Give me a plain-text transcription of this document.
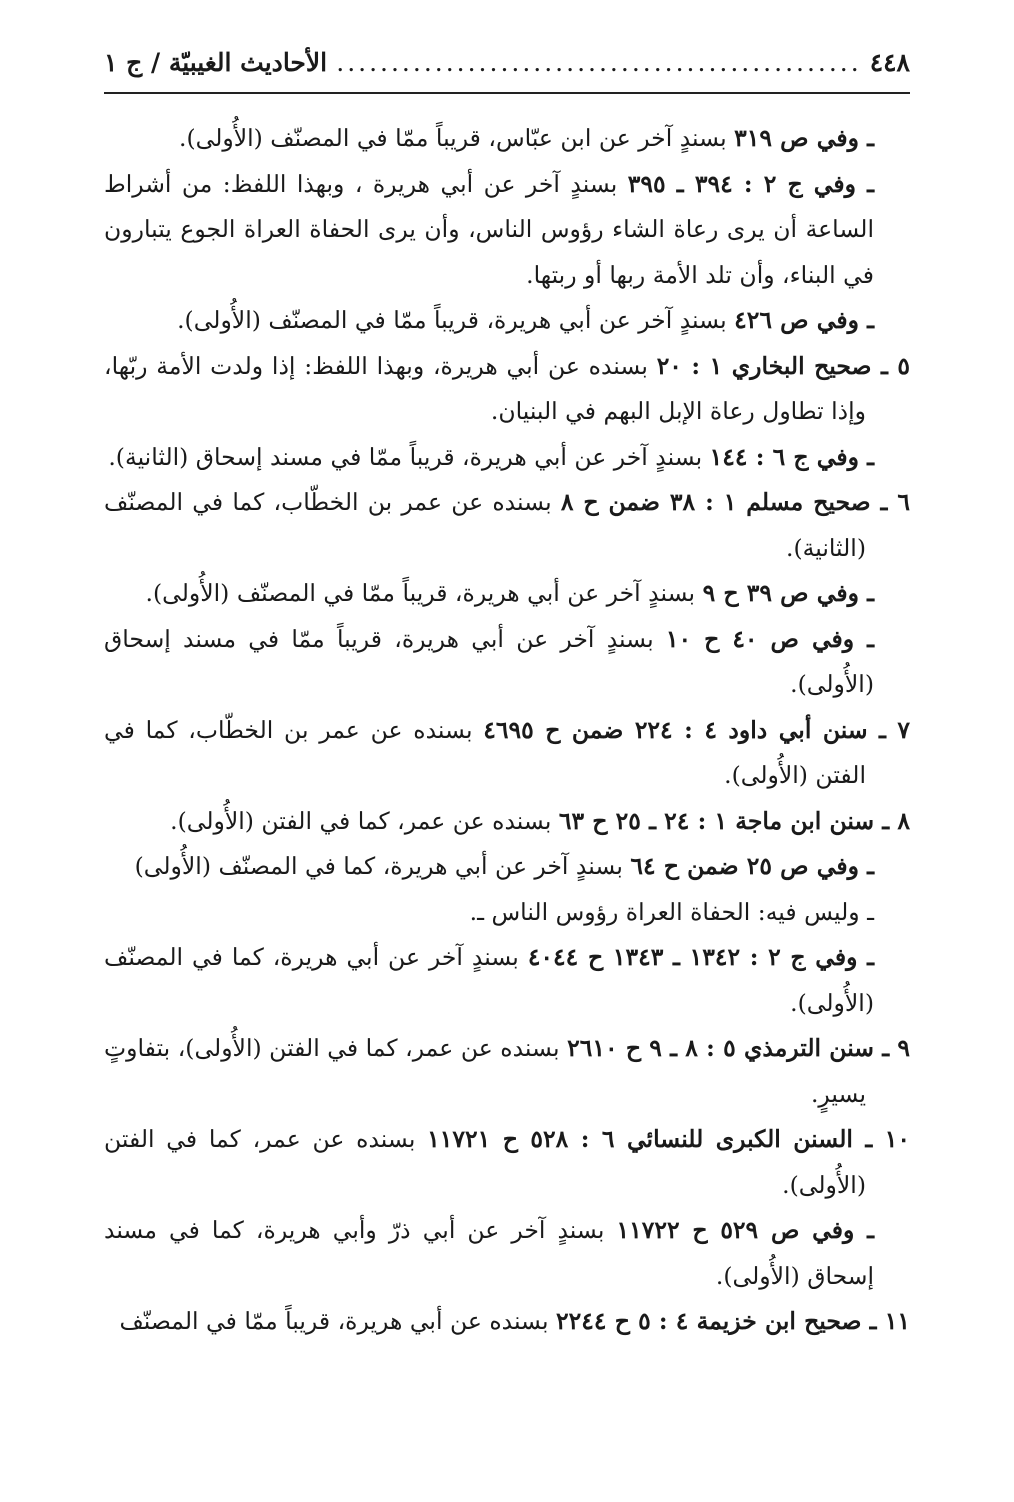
٤٤٨
.....
الأحاديث الغيبيّة / ج ١

ـ وفي ص ٣١٩ بسندٍ آخر عن ابن عبّاس، قريباً ممّا في المصنّف (الأُولى).

ـ وفي ج ٢ : ٣٩٤ ـ ٣٩٥ بسندٍ آخر عن أبي هريرة ، وبهذا اللفظ: من أشراط الساعة أن يرى رعاة الشاء رؤوس الناس، وأن يرى الحفاة العراة الجوع يتبارون في البناء، وأن تلد الأمة ربها أو ربتها.

ـ وفي ص ٤٢٦ بسندٍ آخر عن أبي هريرة، قريباً ممّا في المصنّف (الأُولى).

٥ ـ صحيح البخاري ١ : ٢٠ بسنده عن أبي هريرة، وبهذا اللفظ: إذا ولدت الأمة ربّها، وإذا تطاول رعاة الإبل البهم في البنيان.

ـ وفي ج ٦ : ١٤٤ بسندٍ آخر عن أبي هريرة، قريباً ممّا في مسند إسحاق (الثانية).

٦ ـ صحيح مسلم ١ : ٣٨ ضمن ح ٨ بسنده عن عمر بن الخطّاب، كما في المصنّف (الثانية).

ـ وفي ص ٣٩ ح ٩ بسندٍ آخر عن أبي هريرة، قريباً ممّا في المصنّف (الأُولى).

ـ وفي ص ٤٠ ح ١٠ بسندٍ آخر عن أبي هريرة، قريباً ممّا في مسند إسحاق (الأُولى).

٧ ـ سنن أبي داود ٤ : ٢٢٤ ضمن ح ٤٦٩٥ بسنده عن عمر بن الخطّاب، كما في الفتن (الأُولى).

٨ ـ سنن ابن ماجة ١ : ٢٤ ـ ٢٥ ح ٦٣ بسنده عن عمر، كما في الفتن (الأُولى).

ـ وفي ص ٢٥ ضمن ح ٦٤ بسندٍ آخر عن أبي هريرة، كما في المصنّف (الأُولى)

ـ وليس فيه: الحفاة العراة رؤوس الناس ـ.

ـ وفي ج ٢ : ١٣٤٢ ـ ١٣٤٣ ح ٤٠٤٤ بسندٍ آخر عن أبي هريرة، كما في المصنّف (الأُولى).

٩ ـ سنن الترمذي ٥ : ٨ ـ ٩ ح ٢٦١٠ بسنده عن عمر، كما في الفتن (الأُولى)، بتفاوتٍ يسيرٍ.

١٠ ـ السنن الكبرى للنسائي ٦ : ٥٢٨ ح ١١٧٢١ بسنده عن عمر، كما في الفتن (الأُولى).

ـ وفي ص ٥٢٩ ح ١١٧٢٢ بسندٍ آخر عن أبي ذرّ وأبي هريرة، كما في مسند إسحاق (الأُولى).

١١ ـ صحيح ابن خزيمة ٤ : ٥ ح ٢٢٤٤ بسنده عن أبي هريرة، قريباً ممّا في المصنّف
